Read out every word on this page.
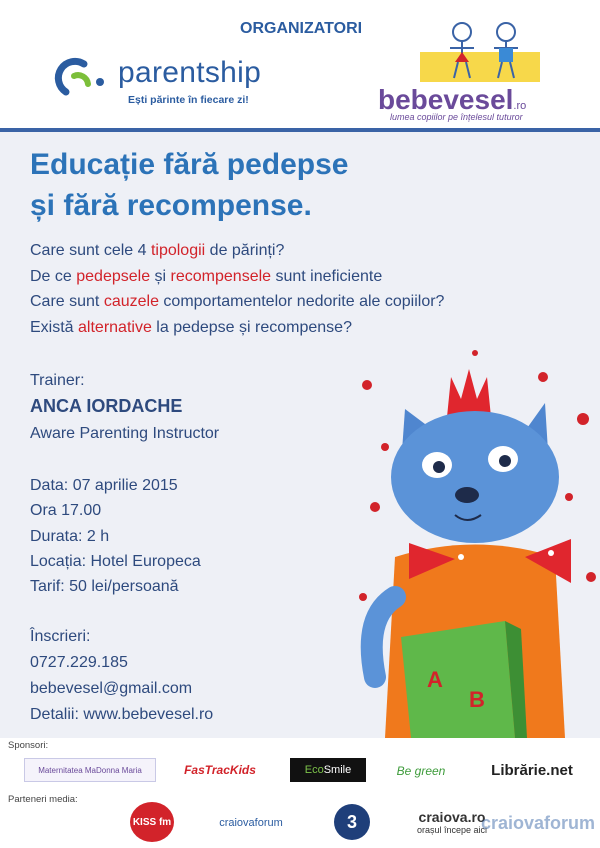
ORGANIZATORI
parentship
Ești părinte în fiecare zi!	bebevesel.ro
lumea copiilor pe înțelesul tuturor
Educație fără pedepse
și fără recompense.
Care sunt cele 4 tipologii de părinți?
De ce pedepsele și recompensele sunt ineficiente
Care sunt cauzele comportamentelor nedorite ale copiilor?
Există alternative la pedepse și recompense?
Trainer:
ANCA IORDACHE
Aware Parenting Instructor
Data: 07 aprilie 2015
Ora 17.00
Durata: 2 h
Locația: Hotel Europeca
Tarif: 50 lei/persoană
Înscrieri:
0727.229.185
bebevesel@gmail.com
Detalii: www.bebevesel.ro
A
B
Sponsori:
Maternitatea MaDonna Maria	FasTracKids	Eco Smile	Be green	Librărie.net
Parteneri media:
KISS fm	craiovaforum	3	craiova.ro
orașul începe aici
craiovaforum
